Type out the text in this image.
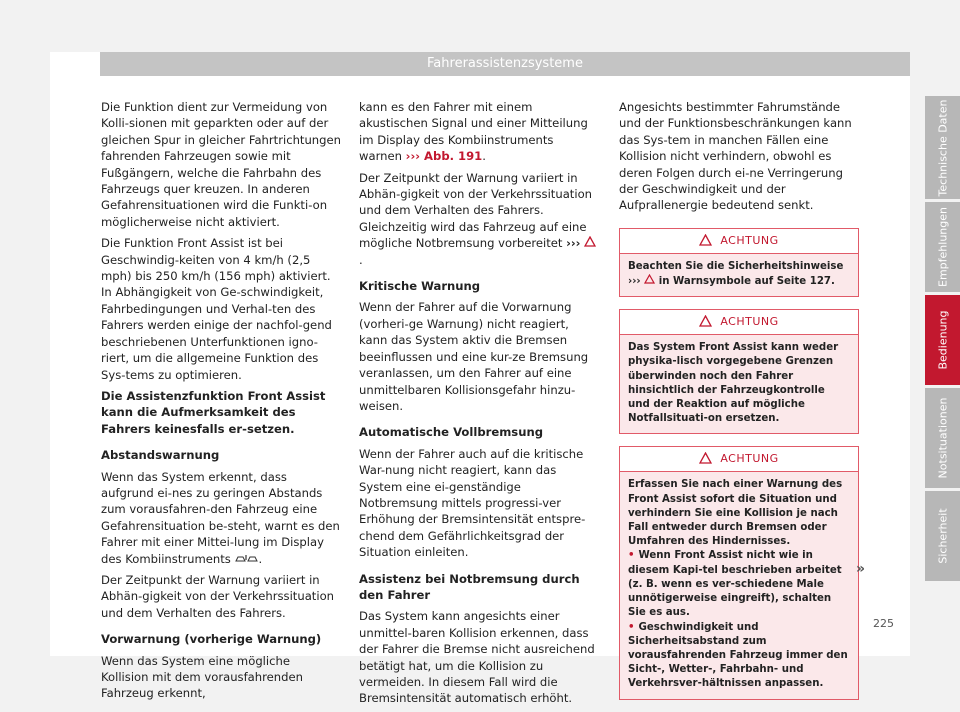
Fahrerassistenzsysteme

Die Funktion dient zur Vermeidung von Kolli-sionen mit geparkten oder auf der gleichen Spur in gleicher Fahrtrichtungen fahrenden Fahrzeugen sowie mit Fußgängern, welche die Fahrbahn des Fahrzeugs quer kreuzen. In anderen Gefahrensituationen wird die Funkti-on möglicherweise nicht aktiviert.

Die Funktion Front Assist ist bei Geschwindig-keiten von 4 km/h (2,5 mph) bis 250 km/h (156 mph) aktiviert. In Abhängigkeit von Ge-schwindigkeit, Fahrbedingungen und Verhal-ten des Fahrers werden einige der nachfol-gend beschriebenen Unterfunktionen igno-riert, um die allgemeine Funktion des Sys-tems zu optimieren.

Die Assistenzfunktion Front Assist kann die Aufmerksamkeit des Fahrers keinesfalls er-setzen.

Abstandswarnung

Wenn das System erkennt, dass aufgrund ei-nes zu geringen Abstands zum vorausfahren-den Fahrzeug eine Gefahrensituation be-steht, warnt es den Fahrer mit einer Mittei-lung im Display des Kombiinstruments .

Der Zeitpunkt der Warnung variiert in Abhän-gigkeit von der Verkehrssituation und dem Verhalten des Fahrers.

Vorwarnung (vorherige Warnung)

Wenn das System eine mögliche Kollision mit dem vorausfahrenden Fahrzeug erkennt,

kann es den Fahrer mit einem akustischen Signal und einer Mitteilung im Display des Kombiinstruments warnen ››› Abb. 191.

Der Zeitpunkt der Warnung variiert in Abhän-gigkeit von der Verkehrssituation und dem Verhalten des Fahrers. Gleichzeitig wird das Fahrzeug auf eine mögliche Notbremsung vorbereitet ››› .

Kritische Warnung

Wenn der Fahrer auf die Vorwarnung (vorheri-ge Warnung) nicht reagiert, kann das System aktiv die Bremsen beeinflussen und eine kur-ze Bremsung veranlassen, um den Fahrer auf eine unmittelbaren Kollisionsgefahr hinzu-weisen.

Automatische Vollbremsung

Wenn der Fahrer auch auf die kritische War-nung nicht reagiert, kann das System eine ei-genständige Notbremsung mittels progressi-ver Erhöhung der Bremsintensität entspre-chend dem Gefährlichkeitsgrad der Situation einleiten.

Assistenz bei Notbremsung durch den Fahrer

Das System kann angesichts einer unmittel-baren Kollision erkennen, dass der Fahrer die Bremse nicht ausreichend betätigt hat, um die Kollision zu vermeiden. In diesem Fall wird die Bremsintensität automatisch erhöht.

Angesichts bestimmter Fahrumstände und der Funktionsbeschränkungen kann das Sys-tem in manchen Fällen eine Kollision nicht verhindern, obwohl es deren Folgen durch ei-ne Verringerung der Geschwindigkeit und der Aufprallenergie bedeutend senkt.

ACHTUNG
Beachten Sie die Sicherheitshinweise ››› in Warnsymbole auf Seite 127.
ACHTUNG
Das System Front Assist kann weder physika-lisch vorgegebene Grenzen überwinden noch den Fahrer hinsichtlich der Fahrzeugkontrolle und der Reaktion auf mögliche Notfallsituati-on ersetzen.
ACHTUNG
Erfassen Sie nach einer Warnung des Front Assist sofort die Situation und verhindern Sie eine Kollision je nach Fall entweder durch Bremsen oder Umfahren des Hindernisses.
• Wenn Front Assist nicht wie in diesem Kapi-tel beschrieben arbeitet (z. B. wenn es ver-schiedene Male unnötigerweise eingreift), schalten Sie es aus.
• Geschwindigkeit und Sicherheitsabstand zum vorausfahrenden Fahrzeug immer den Sicht-, Wetter-, Fahrbahn- und Verkehrsver-hältnissen anpassen.
»
Technische Daten
Empfehlungen
Bedienung
Notsituationen
Sicherheit
225
